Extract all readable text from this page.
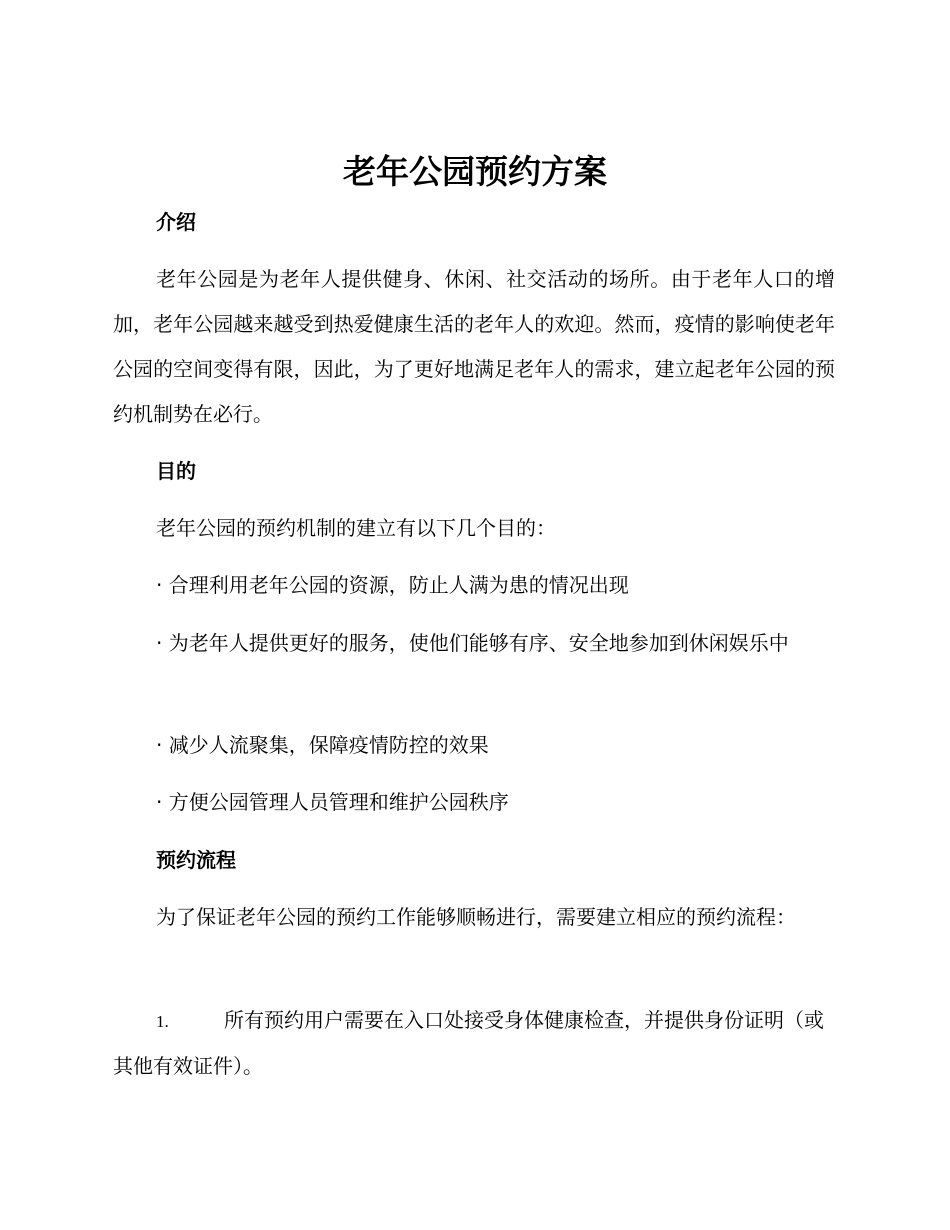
老年公园预约方案
介绍

老年公园是为老年人提供健身、休闲、社交活动的场所。由于老年人口的增加，老年公园越来越受到热爱健康生活的老年人的欢迎。然而，疫情的影响使老年公园的空间变得有限，因此，为了更好地满足老年人的需求，建立起老年公园的预约机制势在必行。

目的

老年公园的预约机制的建立有以下几个目的：

· 合理利用老年公园的资源，防止人满为患的情况出现

· 为老年人提供更好的服务，使他们能够有序、安全地参加到休闲娱乐中

· 减少人流聚集，保障疫情防控的效果

· 方便公园管理人员管理和维护公园秩序

预约流程

为了保证老年公园的预约工作能够顺畅进行，需要建立相应的预约流程：

1.	所有预约用户需要在入口处接受身体健康检查，并提供身份证明（或其他有效证件）。
